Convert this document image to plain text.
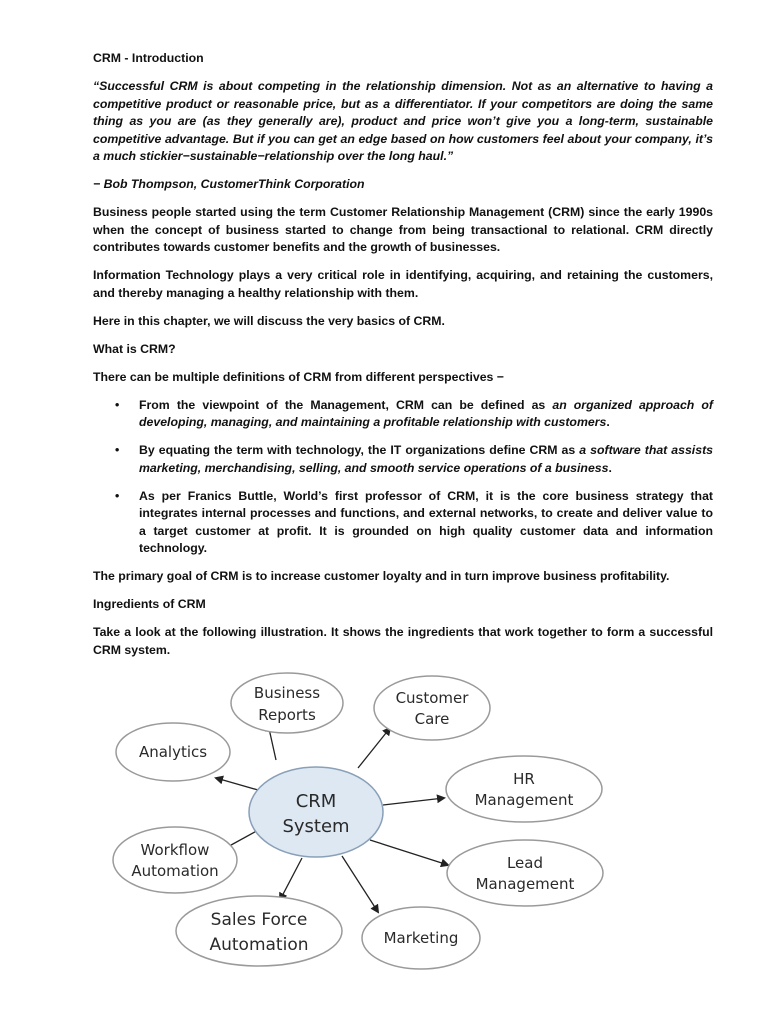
CRM - Introduction

“Successful CRM is about competing in the relationship dimension. Not as an alternative to having a competitive product or reasonable price, but as a differentiator. If your competitors are doing the same thing as you are (as they generally are), product and price won’t give you a long-term, sustainable competitive advantage. But if you can get an edge based on how customers feel about your company, it’s a much stickier−sustainable−relationship over the long haul.”

− Bob Thompson, CustomerThink Corporation

Business people started using the term Customer Relationship Management (CRM) since the early 1990s when the concept of business started to change from being transactional to relational. CRM directly contributes towards customer benefits and the growth of businesses.

Information Technology plays a very critical role in identifying, acquiring, and retaining the customers, and thereby managing a healthy relationship with them.

Here in this chapter, we will discuss the very basics of CRM.

What is CRM?

There can be multiple definitions of CRM from different perspectives −

• From the viewpoint of the Management, CRM can be defined as an organized approach of developing, managing, and maintaining a profitable relationship with customers.
• By equating the term with technology, the IT organizations define CRM as a software that assists marketing, merchandising, selling, and smooth service operations of a business.
• As per Franics Buttle, World’s first professor of CRM, it is the core business strategy that integrates internal processes and functions, and external networks, to create and deliver value to a target customer at profit. It is grounded on high quality customer data and information technology.

The primary goal of CRM is to increase customer loyalty and in turn improve business profitability.

Ingredients of CRM

Take a look at the following illustration. It shows the ingredients that work together to form a successful CRM system.

Business
Reports
Customer
Care
Analytics
HR
Management
Workflow
Automation	Lead
Management
Sales Force
Automation	Marketing
CRM
System
